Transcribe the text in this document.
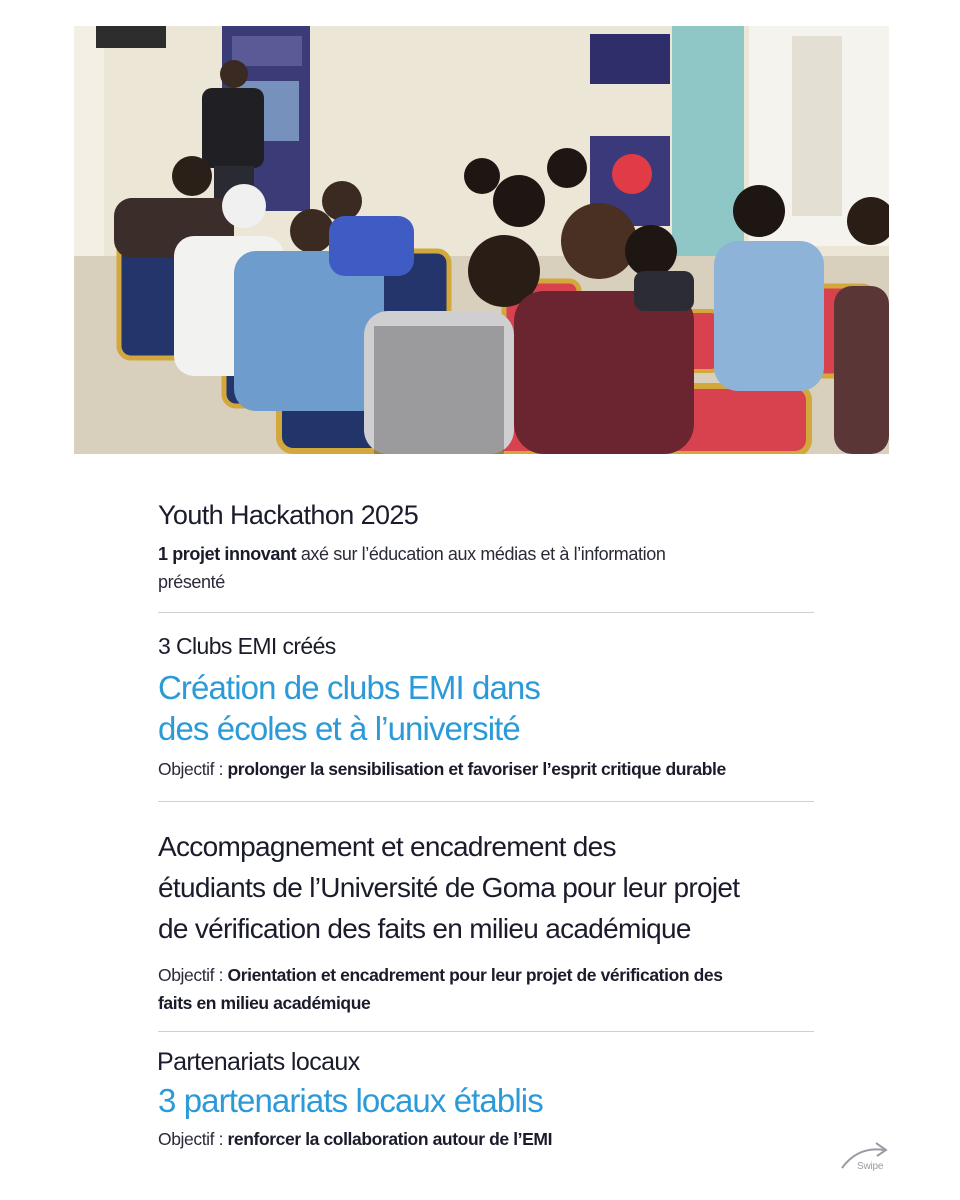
Youth Hackathon 2025

1 projet innovant axé sur l’éducation aux médias et à l’information
présenté

3 Clubs EMI créés
Création de clubs EMI dans
des écoles et à l’université

Objectif : prolonger la sensibilisation et favoriser l’esprit critique durable

Accompagnement et encadrement des
étudiants de l’Université de Goma pour leur projet
de vérification des faits en milieu académique

Objectif : Orientation et encadrement pour leur projet de vérification des
faits en milieu académique

Partenariats locaux
3 partenariats locaux établis

Objectif : renforcer la collaboration autour de l’EMI

Swipe
